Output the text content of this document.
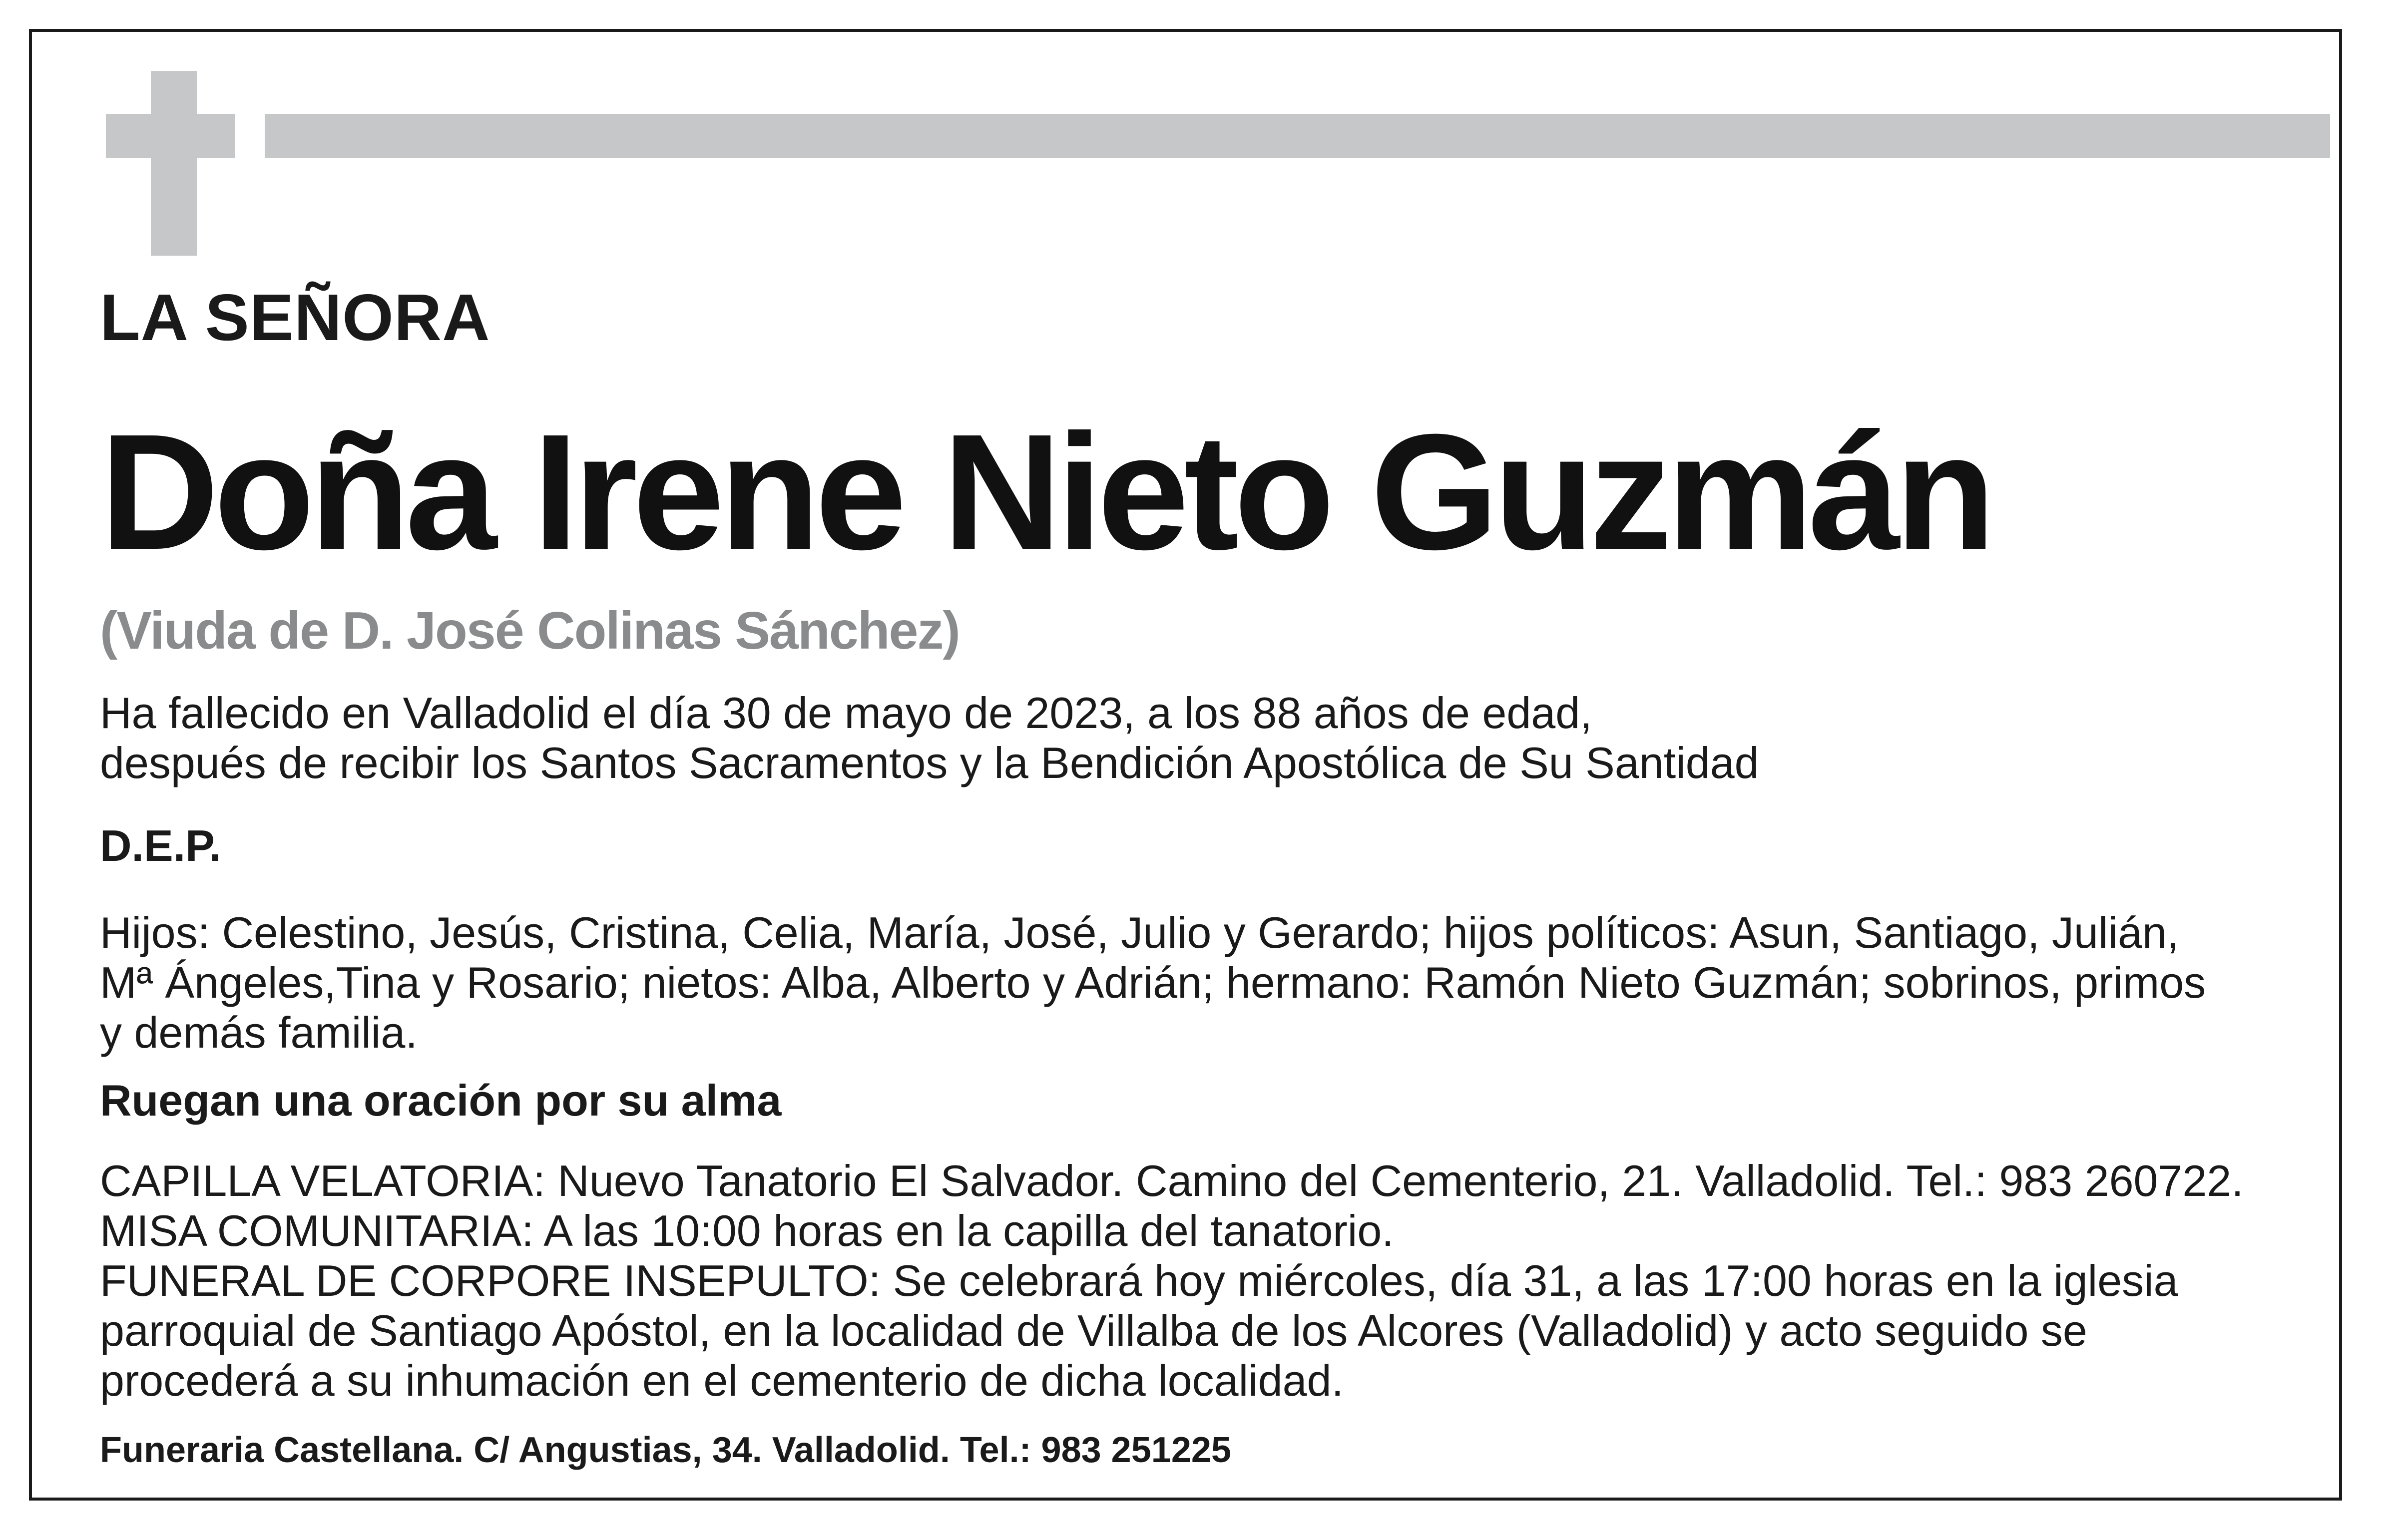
LA SEÑORA

Doña Irene Nieto Guzmán

(Viuda de D. José Colinas Sánchez)

Ha fallecido en Valladolid el día 30 de mayo de 2023, a los 88 años de edad,
después de recibir los Santos Sacramentos y la Bendición Apostólica de Su Santidad

D.E.P.

Hijos: Celestino, Jesús, Cristina, Celia, María, José, Julio y Gerardo; hijos políticos: Asun, Santiago, Julián,
Mª Ángeles,Tina y Rosario; nietos: Alba, Alberto y Adrián; hermano: Ramón Nieto Guzmán; sobrinos, primos
y demás familia.

Ruegan una oración por su alma

CAPILLA VELATORIA: Nuevo Tanatorio El Salvador. Camino del Cementerio, 21. Valladolid. Tel.: 983 260722.
MISA COMUNITARIA: A las 10:00 horas en la capilla del tanatorio.
FUNERAL DE CORPORE INSEPULTO: Se celebrará hoy miércoles, día 31, a las 17:00 horas en la iglesia
parroquial de Santiago Apóstol, en la localidad de Villalba de los Alcores (Valladolid) y acto seguido se
procederá a su inhumación en el cementerio de dicha localidad.

Funeraria Castellana. C/ Angustias, 34. Valladolid. Tel.: 983 251225
